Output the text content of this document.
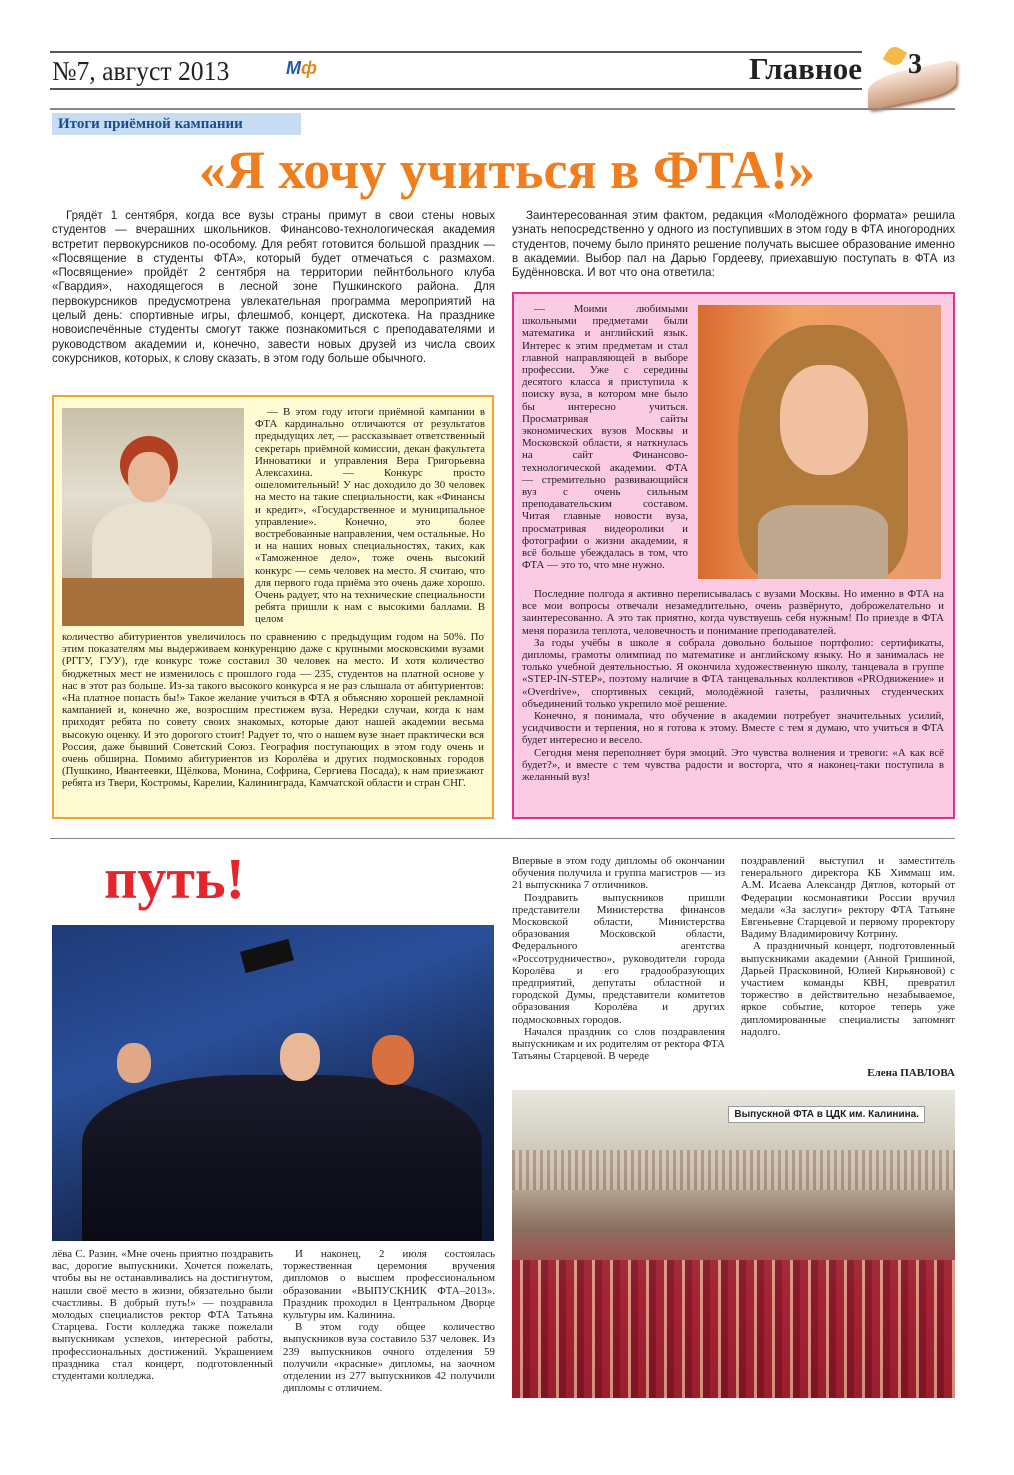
№7, август 2013	Мф	Главное 3
Итоги приёмной кампании
«Я хочу учиться в ФТА!»

Грядёт 1 сентября, когда все вузы страны примут в свои стены новых студентов — вчерашних школьников. Финансово-технологическая академия встретит первокурсников по-особому. Для ребят готовится большой праздник — «Посвящение в студенты ФТА», который будет отмечаться с размахом. «Посвящение» пройдёт 2 сентября на территории пейнтбольного клуба «Гвардия», находящегося в лесной зоне Пушкинского района. Для первокурсников предусмотрена увлекательная программа мероприятий на целый день: спортивные игры, флешмоб, концерт, дискотека. На празднике новоиспечённые студенты смогут также познакомиться с преподавателями и руководством академии и, конечно, завести новых друзей из числа своих сокурсников, которых, к слову сказать, в этом году больше обычного.

Заинтересованная этим фактом, редакция «Молодёжного формата» решила узнать непосредственно у одного из поступивших в этом году в ФТА иногородних студентов, почему было принято решение получать высшее образование именно в академии. Выбор пал на Дарью Гордееву, приехавшую поступать в ФТА из Будённовска. И вот что она ответила:

— В этом году итоги приёмной кампании в ФТА кардинально отличаются от результатов предыдущих лет, — рассказывает ответственный секретарь приёмной комиссии, декан факультета Инноватики и управления Вера Григорьевна Алексахина. — Конкурс просто ошеломительный! У нас доходило до 30 человек на место на такие специальности, как «Финансы и кредит», «Государственное и муниципальное управление». Конечно, это более востребованные направления, чем остальные. Но и на наших новых специальностях, таких, как «Таможенное дело», тоже очень высокий конкурс — семь человек на место. Я считаю, что для первого года приёма это очень даже хорошо. Очень радует, что на технические специальности ребята пришли к нам с высокими баллами. В целом

количество абитуриентов увеличилось по сравнению с предыдущим годом на 50%. По этим показателям мы выдерживаем конкуренцию даже с крупными московскими вузами (РГГУ, ГУУ), где конкурс тоже составил 30 человек на место. И хотя количество бюджетных мест не изменилось с прошлого года — 235, студентов на платной основе у нас в этот раз больше. Из-за такого высокого конкурса я не раз слышала от абитуриентов: «На платное попасть бы!» Такое желание учиться в ФТА я объясняю хорошей рекламной кампанией и, конечно же, возросшим престижем вуза. Нередки случаи, когда к нам приходят ребята по совету своих знакомых, которые дают нашей академии весьма высокую оценку. И это дорогого стоит! Радует то, что о нашем вузе знает практически вся Россия, даже бывший Советский Союз. География поступающих в этом году очень и очень обширна. Помимо абитуриентов из Королёва и других подмосковных городов (Пушкино, Ивантеевки, Щёлкова, Монина, Софрина, Сергиева Посада), к нам приезжают ребята из Твери, Костромы, Карелии, Калининграда, Камчатской области и стран СНГ.

— Моими любимыми школьными предметами были математика и английский язык. Интерес к этим предметам и стал главной направляющей в выборе профессии. Уже с середины десятого класса я приступила к поиску вуза, в котором мне было бы интересно учиться. Просматривая сайты экономических вузов Москвы и Московской области, я наткнулась на сайт Финансово-технологической академии. ФТА — стремительно развивающийся вуз с очень сильным преподавательским составом. Читая главные новости вуза, просматривая видеоролики и фотографии о жизни академии, я всё больше убеждалась в том, что ФТА — это то, что мне нужно.

Последние полгода я активно переписывалась с вузами Москвы. Но именно в ФТА на все мои вопросы отвечали незамедлительно, очень развёрнуто, доброжелательно и заинтересованно. А это так приятно, когда чувствуешь себя нужным! По приезде в ФТА меня поразила теплота, человечность и понимание преподавателей.

За годы учёбы в школе я собрала довольно большое портфолио: сертификаты, дипломы, грамоты олимпиад по математике и английскому языку. Но я занималась не только учебной деятельностью. Я окончила художественную школу, танцевала в группе «STEP-IN-STEP», поэтому наличие в ФТА танцевальных коллективов «PROдвижение» и «Overdrive», спортивных секций, молодёжной газеты, различных студенческих объединений только укрепило моё решение.

Конечно, я понимала, что обучение в академии потребует значительных усилий, усидчивости и терпения, но я готова к этому. Вместе с тем я думаю, что учиться в ФТА будет интересно и весело.

Сегодня меня переполняет буря эмоций. Это чувства волнения и тревоги: «А как всё будет?», и вместе с тем чувства радости и восторга, что я наконец-таки поступила в желанный вуз!

путь!

лёва С. Разин. «Мне очень приятно поздравить вас, дорогие выпускники. Хочется пожелать, чтобы вы не останавливались на достигнутом, нашли своё место в жизни, обязательно были счастливы. В добрый путь!» — поздравила молодых специалистов ректор ФТА Татьяна Старцева. Гости колледжа также пожелали выпускникам успехов, интересной работы, профессиональных достижений. Украшением праздника стал концерт, подготовленный студентами колледжа.

И наконец, 2 июля состоялась торжественная церемония вручения дипломов о высшем профессиональном образовании «ВЫПУСКНИК ФТА–2013». Праздник проходил в Центральном Дворце культуры им. Калинина.

В этом году общее количество выпускников вуза составило 537 человек. Из 239 выпускников очного отделения 59 получили «красные» дипломы, на заочном отделении из 277 выпускников 42 получили дипломы с отличием.

Впервые в этом году дипломы об окончании обучения получила и группа магистров — из 21 выпускника 7 отличников.

Поздравить выпускников пришли представители Министерства финансов Московской области, Министерства образования Московской области, Федерального агентства «Россотрудничество», руководители города Королёва и его градообразующих предприятий, депутаты областной и городской Думы, представители комитетов образования Королёва и других подмосковных городов.

Начался праздник со слов поздравления выпускникам и их родителям от ректора ФТА Татьяны Старцевой. В череде

поздравлений выступил и заместитель генерального директора КБ Химмаш им. А.М. Исаева Александр Дятлов, который от Федерации космонавтики России вручил медали «За заслуги» ректору ФТА Татьяне Евгеньевне Старцевой и первому проректору Вадиму Владимировичу Котрину.

А праздничный концерт, подготовленный выпускниками академии (Анной Гришиной, Дарьей Прасковиной, Юлией Кирьяновой) с участием команды КВН, превратил торжество в действительно незабываемое, яркое событие, которое теперь уже дипломированные специалисты запомнят надолго.

Елена ПАВЛОВА
Выпускной ФТА в ЦДК им. Калинина.
